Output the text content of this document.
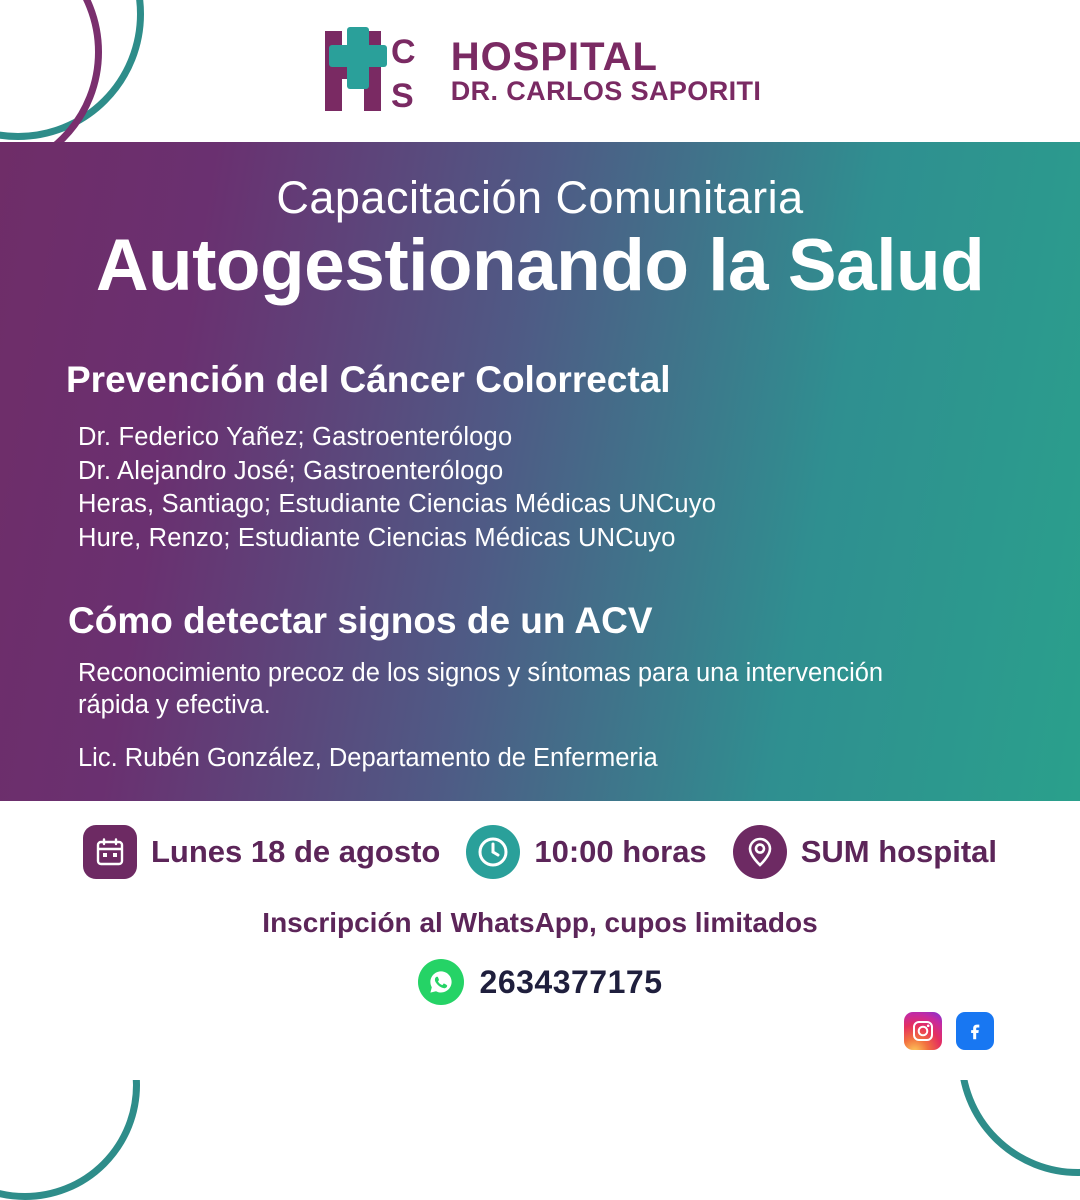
C
S
HOSPITAL
DR. CARLOS SAPORITI
Capacitación Comunitaria
Autogestionando la Salud
Prevención del Cáncer Colorrectal
Dr. Federico Yañez; Gastroenterólogo
Dr. Alejandro José; Gastroenterólogo
Heras, Santiago; Estudiante Ciencias Médicas UNCuyo
Hure, Renzo; Estudiante Ciencias Médicas UNCuyo
Cómo detectar signos de un ACV
Reconocimiento precoz de los signos y síntomas para una intervención rápida y efectiva.
Lic. Rubén González, Departamento de Enfermeria
Lunes 18 de agosto	10:00 horas	SUM hospital
Inscripción al WhatsApp, cupos limitados
2634377175
